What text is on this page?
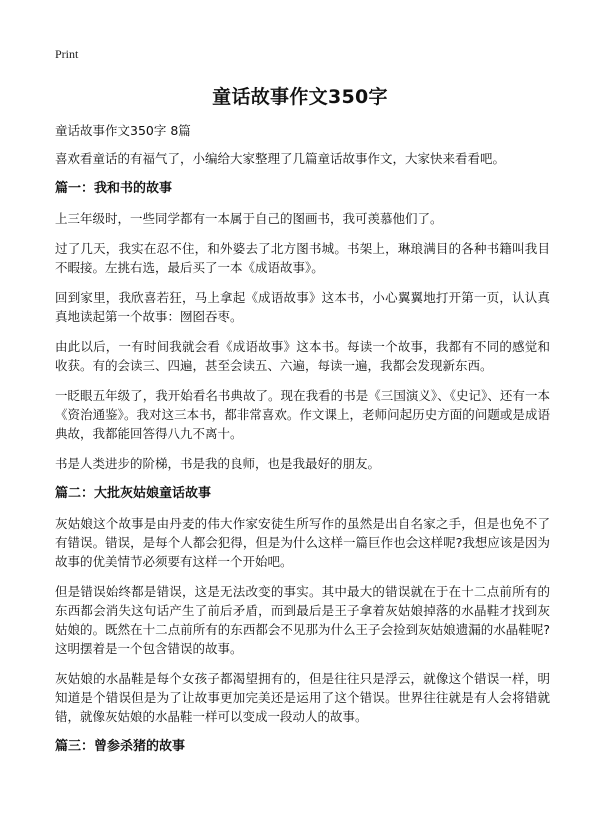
Print
童话故事作文350字
童话故事作文350字 8篇

喜欢看童话的有福气了，小编给大家整理了几篇童话故事作文，大家快来看看吧。

篇一：我和书的故事

上三年级时，一些同学都有一本属于自己的图画书，我可羡慕他们了。

过了几天，我实在忍不住，和外婆去了北方图书城。书架上，琳琅满目的各种书籍叫我目不暇接。左挑右选，最后买了一本《成语故事》。

回到家里，我欣喜若狂，马上拿起《成语故事》这本书，小心翼翼地打开第一页，认认真真地读起第一个故事：囫囵吞枣。

由此以后，一有时间我就会看《成语故事》这本书。每读一个故事，我都有不同的感觉和收获。有的会读三、四遍，甚至会读五、六遍，每读一遍，我都会发现新东西。

一眨眼五年级了，我开始看名书典故了。现在我看的书是《三国演义》、《史记》、还有一本《资治通鉴》。我对这三本书，都非常喜欢。作文课上，老师问起历史方面的问题或是成语典故，我都能回答得八九不离十。

书是人类进步的阶梯，书是我的良师，也是我最好的朋友。

篇二：大批灰姑娘童话故事

灰姑娘这个故事是由丹麦的伟大作家安徒生所写作的虽然是出自名家之手，但是也免不了有错误。错误，是每个人都会犯得，但是为什么这样一篇巨作也会这样呢?我想应该是因为故事的优美情节必须要有这样一个开始吧。

但是错误始终都是错误，这是无法改变的事实。其中最大的错误就在于在十二点前所有的东西都会消失这句话产生了前后矛盾，而到最后是王子拿着灰姑娘掉落的水晶鞋才找到灰姑娘的。既然在十二点前所有的东西都会不见那为什么王子会捡到灰姑娘遗漏的水晶鞋呢?这明摆着是一个包含错误的故事。

灰姑娘的水晶鞋是每个女孩子都渴望拥有的，但是往往只是浮云，就像这个错误一样，明知道是个错误但是为了让故事更加完美还是运用了这个错误。世界往往就是有人会将错就错，就像灰姑娘的水晶鞋一样可以变成一段动人的故事。

篇三：曾参杀猪的故事
